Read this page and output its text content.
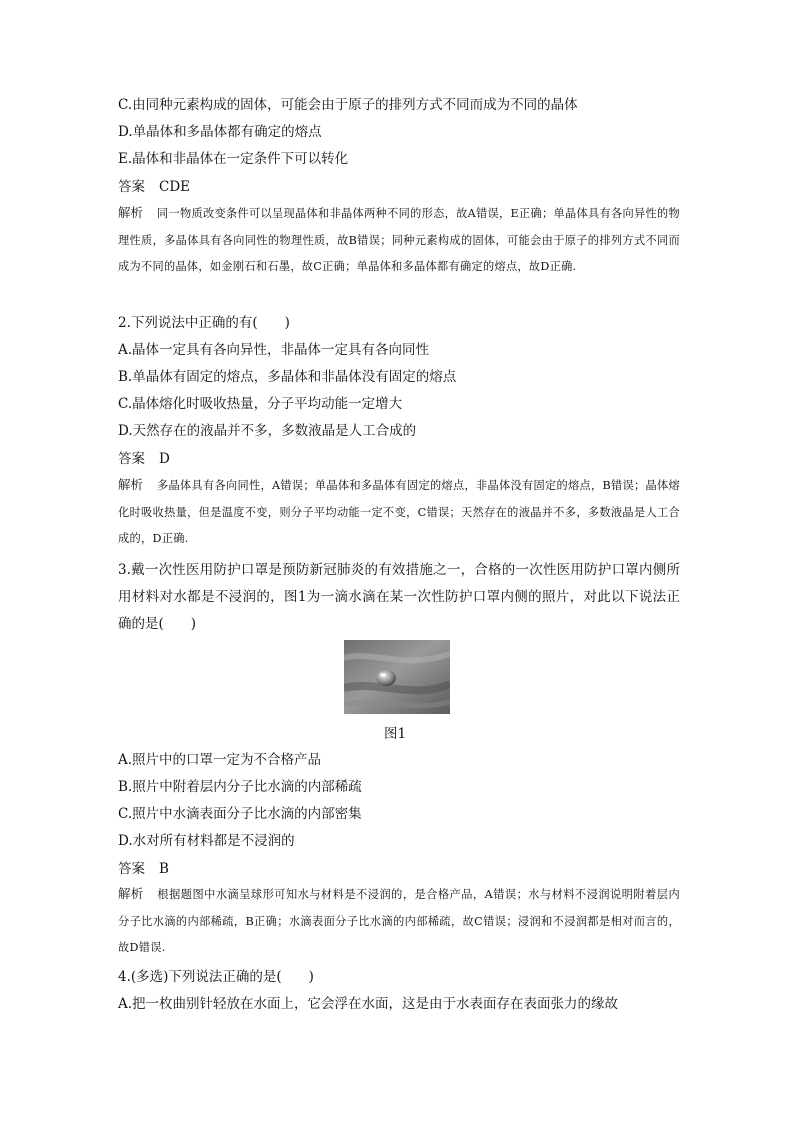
C.由同种元素构成的固体，可能会由于原子的排列方式不同而成为不同的晶体
D.单晶体和多晶体都有确定的熔点
E.晶体和非晶体在一定条件下可以转化
答案 CDE
解析 同一物质改变条件可以呈现晶体和非晶体两种不同的形态，故A错误，E正确；单晶体具有各向异性的物理性质，多晶体具有各向同性的物理性质，故B错误；同种元素构成的固体，可能会由于原子的排列方式不同而成为不同的晶体，如金刚石和石墨，故C正确；单晶体和多晶体都有确定的熔点，故D正确.
2.下列说法中正确的有(　　)
A.晶体一定具有各向异性，非晶体一定具有各向同性
B.单晶体有固定的熔点，多晶体和非晶体没有固定的熔点
C.晶体熔化时吸收热量，分子平均动能一定增大
D.天然存在的液晶并不多，多数液晶是人工合成的
答案 D
解析 多晶体具有各向同性，A错误；单晶体和多晶体有固定的熔点，非晶体没有固定的熔点，B错误；晶体熔化时吸收热量，但是温度不变，则分子平均动能一定不变，C错误；天然存在的液晶并不多，多数液晶是人工合成的，D正确.
3.戴一次性医用防护口罩是预防新冠肺炎的有效措施之一，合格的一次性医用防护口罩内侧所用材料对水都是不浸润的，图1为一滴水滴在某一次性防护口罩内侧的照片，对此以下说法正确的是(　　)
图1
A.照片中的口罩一定为不合格产品
B.照片中附着层内分子比水滴的内部稀疏
C.照片中水滴表面分子比水滴的内部密集
D.水对所有材料都是不浸润的
答案 B
解析 根据题图中水滴呈球形可知水与材料是不浸润的，是合格产品，A错误；水与材料不浸润说明附着层内分子比水滴的内部稀疏，B正确；水滴表面分子比水滴的内部稀疏，故C错误；浸润和不浸润都是相对而言的，故D错误.
4.(多选)下列说法正确的是(　　)
A.把一枚曲别针轻放在水面上，它会浮在水面，这是由于水表面存在表面张力的缘故
